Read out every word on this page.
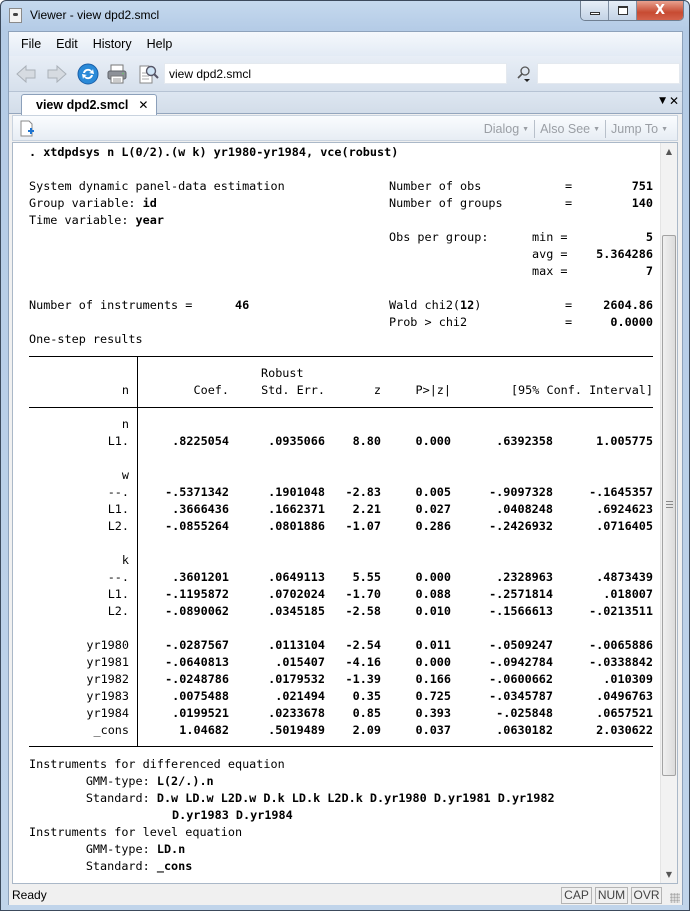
Viewer - view dpd2.smcl	X
File Edit History Help
view dpd2.smcl
view dpd2.smcl ✕	▼ ✕
Dialog ▼ Also See ▼ Jump To ▼
. xtdpdsys n L(0/2).(w k) yr1980-yr1984, vce(robust)
System dynamic panel-data estimation
Group variable: id
Time variable: year
Number of obs	=	751
Number of groups	=	140
Obs per group:	min =	5
avg =	5.364286
max =	7
Number of instruments =	46	Wald chi2(12)	=	2604.86
Prob > chi2	=	0.0000
One-step results
Robust
n	Coef.	Std. Err.	z	P>|z|	[95% Conf. Interval]
n
L1.	.8225054	.0935066	8.80	0.000	.6392358	1.005775
w
--.	-.5371342	.1901048	-2.83	0.005	-.9097328	-.1645357
L1.	.3666436	.1662371	2.21	0.027	.0408248	.6924623
L2.	-.0855264	.0801886	-1.07	0.286	-.2426932	.0716405
k
--.	.3601201	.0649113	5.55	0.000	.2328963	.4873439
L1.	-.1195872	.0702024	-1.70	0.088	-.2571814	.018007
L2.	-.0890062	.0345185	-2.58	0.010	-.1566613	-.0213511
yr1980	-.0287567	.0113104	-2.54	0.011	-.0509247	-.0065886
yr1981	-.0640813	.015407	-4.16	0.000	-.0942784	-.0338842
yr1982	-.0248786	.0179532	-1.39	0.166	-.0600662	.010309
yr1983	.0075488	.021494	0.35	0.725	-.0345787	.0496763
yr1984	.0199521	.0233678	0.85	0.393	-.025848	.0657521
_cons	1.04682	.5019489	2.09	0.037	.0630182	2.030622
Instruments for differenced equation
GMM-type: L(2/.).n
Standard: D.w LD.w L2D.w D.k LD.k L2D.k D.yr1980 D.yr1981 D.yr1982
D.yr1983 D.yr1984
Instruments for level equation
GMM-type: LD.n
Standard: _cons
▲
▼
Ready	CAP NUM OVR
